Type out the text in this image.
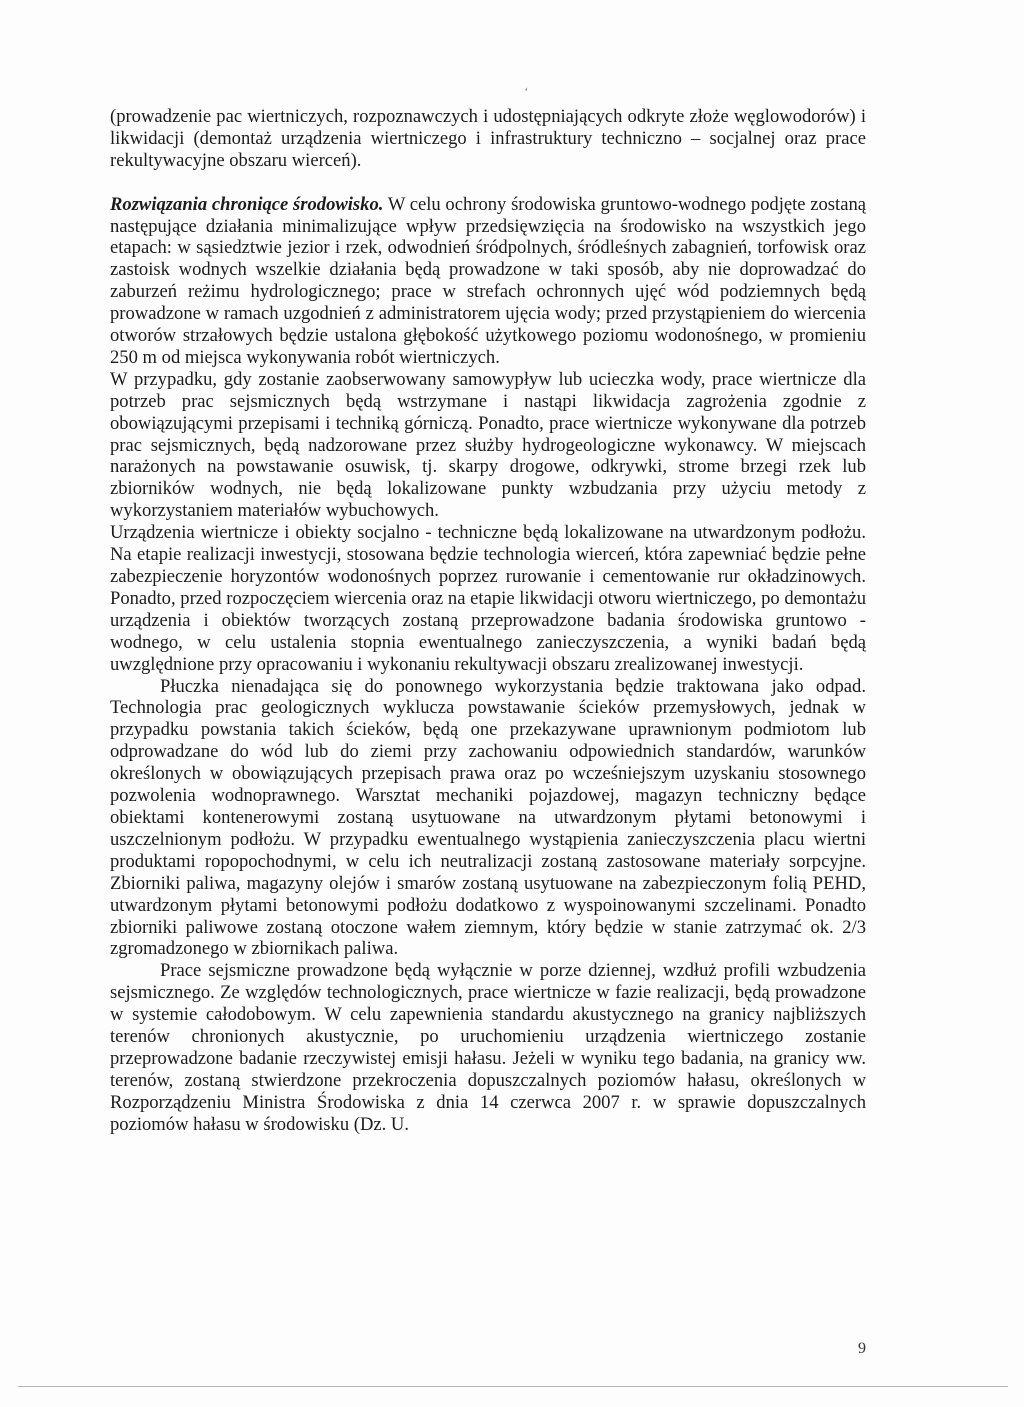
ʻ

(prowadzenie pac wiertniczych, rozpoznawczych i udostępniających odkryte złoże węglowodorów) i likwidacji (demontaż urządzenia wiertniczego i infrastruktury techniczno – socjalnej oraz prace rekultywacyjne obszaru wierceń).

Rozwiązania chroniące środowisko. W celu ochrony środowiska gruntowo-wodnego podjęte zostaną następujące działania minimalizujące wpływ przedsięwzięcia na środowisko na wszystkich jego etapach: w sąsiedztwie jezior i rzek, odwodnień śródpolnych, śródleśnych zabagnień, torfowisk oraz zastoisk wodnych wszelkie działania będą prowadzone w taki sposób, aby nie doprowadzać do zaburzeń reżimu hydrologicznego; prace w strefach ochronnych ujęć wód podziemnych będą prowadzone w ramach uzgodnień z administratorem ujęcia wody; przed przystąpieniem do wiercenia otworów strzałowych będzie ustalona głębokość użytkowego poziomu wodonośnego, w promieniu 250 m od miejsca wykonywania robót wiertniczych.

W przypadku, gdy zostanie zaobserwowany samowypływ lub ucieczka wody, prace wiertnicze dla potrzeb prac sejsmicznych będą wstrzymane i nastąpi likwidacja zagrożenia zgodnie z obowiązującymi przepisami i techniką górniczą. Ponadto, prace wiertnicze wykonywane dla potrzeb prac sejsmicznych, będą nadzorowane przez służby hydrogeologiczne wykonawcy. W miejscach narażonych na powstawanie osuwisk, tj. skarpy drogowe, odkrywki, strome brzegi rzek lub zbiorników wodnych, nie będą lokalizowane punkty wzbudzania przy użyciu metody z wykorzystaniem materiałów wybuchowych.

Urządzenia wiertnicze i obiekty socjalno - techniczne będą lokalizowane na utwardzonym podłożu. Na etapie realizacji inwestycji, stosowana będzie technologia wierceń, która zapewniać będzie pełne zabezpieczenie horyzontów wodonośnych poprzez rurowanie i cementowanie rur okładzinowych. Ponadto, przed rozpoczęciem wiercenia oraz na etapie likwidacji otworu wiertniczego, po demontażu urządzenia i obiektów tworzących zostaną przeprowadzone badania środowiska gruntowo - wodnego, w celu ustalenia stopnia ewentualnego zanieczyszczenia, a wyniki badań będą uwzględnione przy opracowaniu i wykonaniu rekultywacji obszaru zrealizowanej inwestycji.

Płuczka nienadająca się do ponownego wykorzystania będzie traktowana jako odpad. Technologia prac geologicznych wyklucza powstawanie ścieków przemysłowych, jednak w przypadku powstania takich ścieków, będą one przekazywane uprawnionym podmiotom lub odprowadzane do wód lub do ziemi przy zachowaniu odpowiednich standardów, warunków określonych w obowiązujących przepisach prawa oraz po wcześniejszym uzyskaniu stosownego pozwolenia wodnoprawnego. Warsztat mechaniki pojazdowej, magazyn techniczny będące obiektami kontenerowymi zostaną usytuowane na utwardzonym płytami betonowymi i uszczelnionym podłożu. W przypadku ewentualnego wystąpienia zanieczyszczenia placu wiertni produktami ropopochodnymi, w celu ich neutralizacji zostaną zastosowane materiały sorpcyjne. Zbiorniki paliwa, magazyny olejów i smarów zostaną usytuowane na zabezpieczonym folią PEHD, utwardzonym płytami betonowymi podłożu dodatkowo z wyspoinowanymi szczelinami. Ponadto zbiorniki paliwowe zostaną otoczone wałem ziemnym, który będzie w stanie zatrzymać ok. 2/3 zgromadzonego w zbiornikach paliwa.

Prace sejsmiczne prowadzone będą wyłącznie w porze dziennej, wzdłuż profili wzbudzenia sejsmicznego. Ze względów technologicznych, prace wiertnicze w fazie realizacji, będą prowadzone w systemie całodobowym. W celu zapewnienia standardu akustycznego na granicy najbliższych terenów chronionych akustycznie, po uruchomieniu urządzenia wiertniczego zostanie przeprowadzone badanie rzeczywistej emisji hałasu. Jeżeli w wyniku tego badania, na granicy ww. terenów, zostaną stwierdzone przekroczenia dopuszczalnych poziomów hałasu, określonych w Rozporządzeniu Ministra Środowiska z dnia 14 czerwca 2007 r. w sprawie dopuszczalnych poziomów hałasu w środowisku (Dz. U.

9
